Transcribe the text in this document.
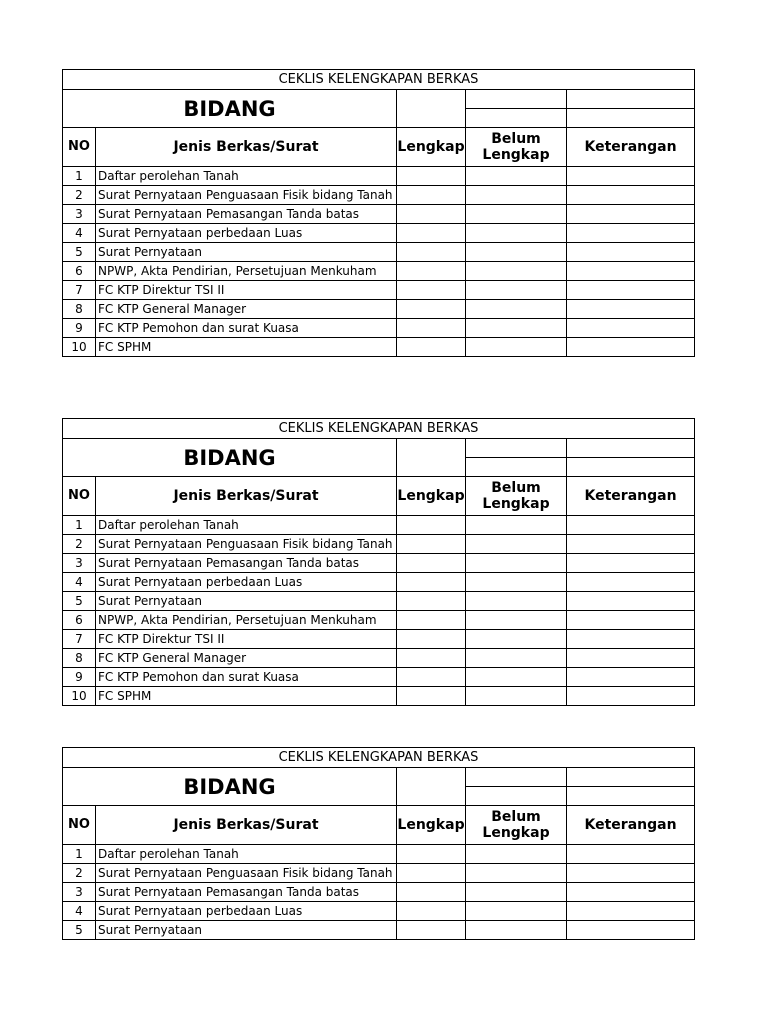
CEKLIS KELENGKAPAN BERKAS				
BIDANG				

NO	Jenis Berkas/Surat	Lengkap	Belum Lengkap	Keterangan
1	Daftar perolehan Tanah			
2	Surat Pernyataan Penguasaan Fisik bidang Tanah			
3	Surat Pernyataan Pemasangan Tanda batas			
4	Surat Pernyataan perbedaan Luas			
5	Surat Pernyataan			
6	NPWP, Akta Pendirian, Persetujuan Menkuham			
7	FC KTP Direktur TSI II			
8	FC KTP General Manager			
9	FC KTP Pemohon dan surat Kuasa			
10	FC SPHM			
CEKLIS KELENGKAPAN BERKAS				
BIDANG				

NO	Jenis Berkas/Surat	Lengkap	Belum Lengkap	Keterangan
1	Daftar perolehan Tanah			
2	Surat Pernyataan Penguasaan Fisik bidang Tanah			
3	Surat Pernyataan Pemasangan Tanda batas			
4	Surat Pernyataan perbedaan Luas			
5	Surat Pernyataan			
6	NPWP, Akta Pendirian, Persetujuan Menkuham			
7	FC KTP Direktur TSI II			
8	FC KTP General Manager			
9	FC KTP Pemohon dan surat Kuasa			
10	FC SPHM			
CEKLIS KELENGKAPAN BERKAS				
BIDANG				

NO	Jenis Berkas/Surat	Lengkap	Belum Lengkap	Keterangan
1	Daftar perolehan Tanah			
2	Surat Pernyataan Penguasaan Fisik bidang Tanah			
3	Surat Pernyataan Pemasangan Tanda batas			
4	Surat Pernyataan perbedaan Luas			
5	Surat Pernyataan			
